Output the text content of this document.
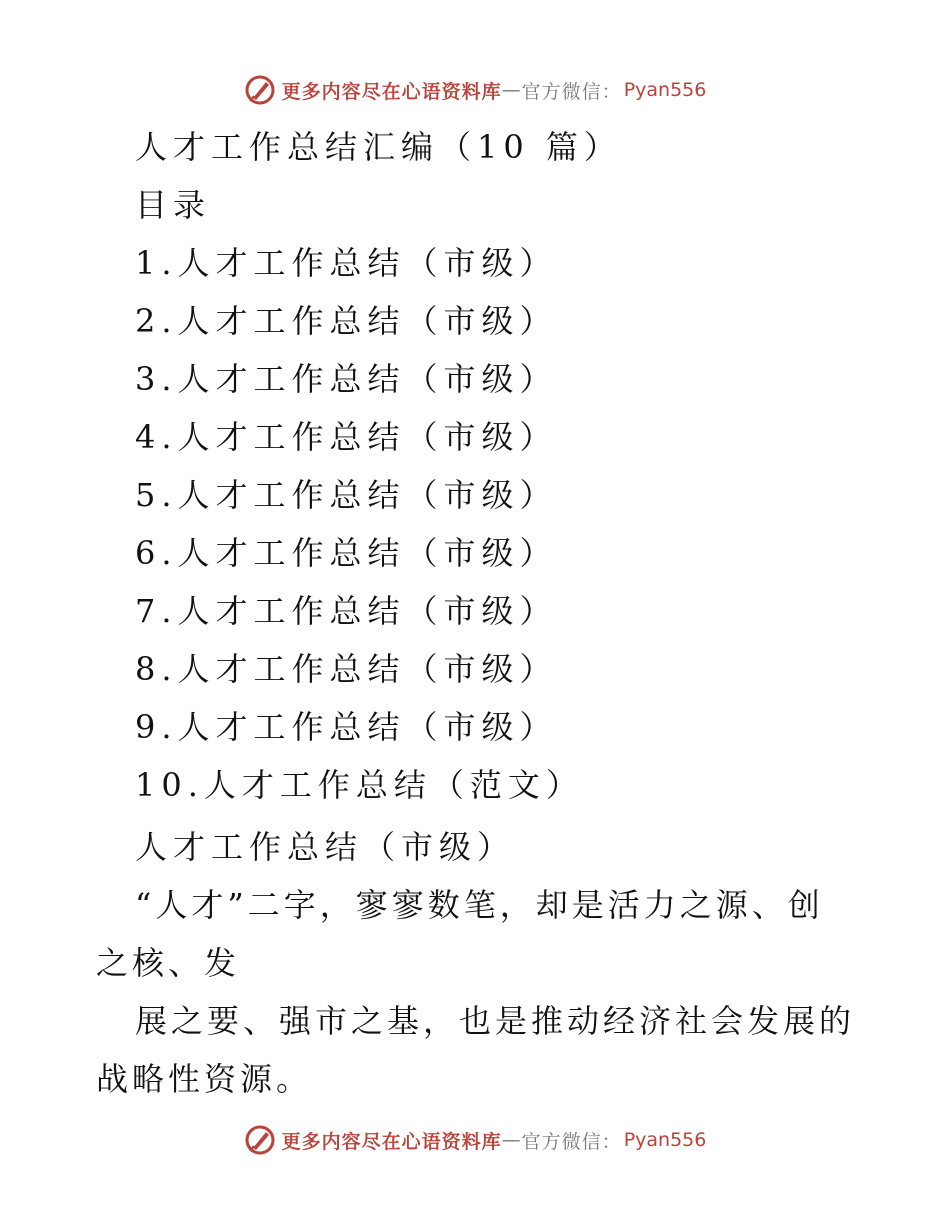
更多内容尽在心语资料库 — 官方微信： Pyan556
人才工作总结汇编（10 篇）
目录
1.人才工作总结（市级）
2.人才工作总结（市级）
3.人才工作总结（市级）
4.人才工作总结（市级）
5.人才工作总结（市级）
6.人才工作总结（市级）
7.人才工作总结（市级）
8.人才工作总结（市级）
9.人才工作总结（市级）
10.人才工作总结（范文）
人才工作总结（市级）
“人才”二字，寥寥数笔，却是活力之源、创之核、发
展之要、强市之基，也是推动经济社会发展的战略性资源。
更多内容尽在心语资料库 — 官方微信： Pyan556
